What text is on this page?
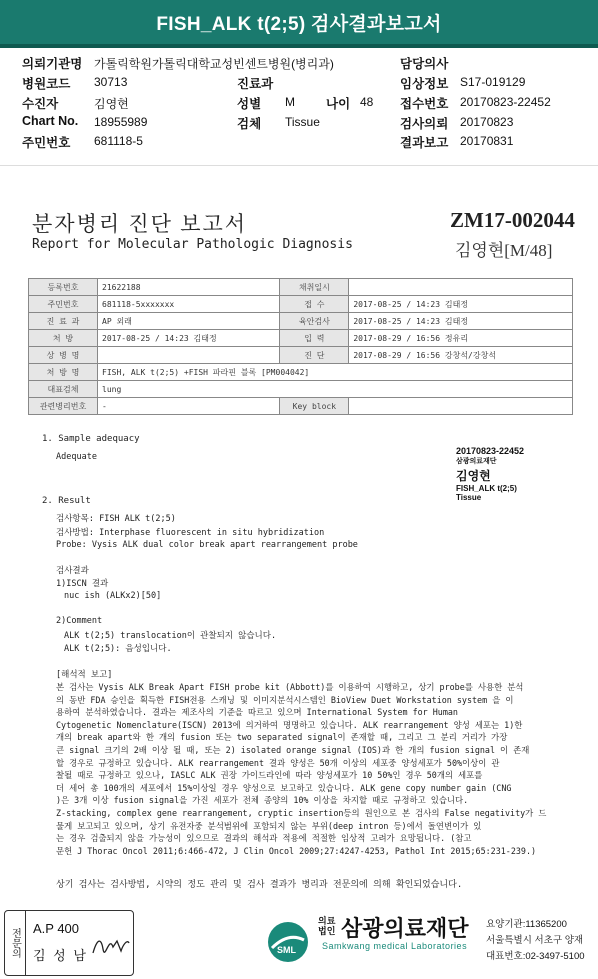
FISH_ALK t(2;5) 검사결과보고서
의뢰기관명 가톨릭학원가톨릭대학교성빈센트병원(병리과)	담당의사
병원코드 30713	진료과	임상정보 S17-019129
수진자	김영현	성별 M 나이 48 접수번호 20170823-22452
Chart No. 18955989	검체 Tissue	검사의뢰 20170823
주민번호 681118-5	결과보고 20170831
분자병리 진단 보고서
Report for Molecular Pathologic Diagnosis
ZM17-002044
김영현[M/48]
등록번호	21622188	채취일시	
주민번호	681118-5xxxxxxx	접 수	2017-08-25 / 14:23 김태정
진 료 과	AP 외래	육안검사	2017-08-25 / 14:23 김태정
처 방	2017-08-25 / 14:23 김태정	입 력	2017-08-29 / 16:56 정유리
상 병 명		진 단	2017-08-29 / 16:56 강창석/강창석
처 방 명	FISH, ALK t(2;5) +FISH 파라핀 블록 [PM004042]		
대표검체	lung		
관련병리번호	-	Key block	
1. Sample adequacy
Adequate
20170823-22452
삼광의료재단
김영현
FISH_ALK t(2;5)
Tissue
2. Result
검사항목: FISH ALK t(2;5)
검사방법: Interphase fluorescent in situ hybridization
Probe: Vysis ALK dual color break apart rearrangement probe
검사결과
1)ISCN 결과
nuc ish (ALKx2)[50]
2)Comment
ALK t(2;5) translocation이 관찰되지 않습니다.
ALK t(2;5): 음성입니다.
[해석적 보고]
본 검사는 Vysis ALK Break Apart FISH probe kit (Abbott)를 이용하여 시행하고, 상기 probe를 사용한 분석
의 동반 FDA 승인을 획득한 FISH전용 스캐닝 및 이미지분석시스템인 BioView Duet Workstation system 을 이
용하여 분석하였습니다. 결과는 제조사의 기준을 따르고 있으며 International System for Human
Cytogenetic Nomenclature(ISCN) 2013에 의거하여 명명하고 있습니다. ALK rearrangement 양성 세포는 1)한
개의 break apart와 한 개의 fusion 또는 two separated signal이 존재할 때, 그리고 그 분리 거리가 가장
큰 signal 크기의 2배 이상 될 때, 또는 2) isolated orange signal (IOS)과 한 개의 fusion signal 이 존재
할 경우로 규정하고 있습니다. ALK rearrangement 결과 양성은 50개 이상의 세포중 양성세포가 50%이상이 관
찰될 때로 규정하고 있으나, IASLC ALK 권장 가이드라인에 따라 양성세포가 10 50%인 경우 50개의 세포를
더 세어 총 100개의 세포에서 15%이상일 경우 양성으로 보고하고 있습니다. ALK gene copy number gain (CNG
)은 3개 이상 fusion signal을 가진 세포가 전체 종양의 10% 이상을 차지할 때로 규정하고 있습니다.
Z-stacking, complex gene rearrangement, cryptic insertion등의 원인으로 본 검사의 False negativity가 드
물게 보고되고 있으며, 상기 유전자중 분석범위에 포함되지 않는 부위(deep intron 등)에서 돌연변이가 있
는 경우 검출되지 않을 가능성이 있으므로 결과의 해석과 적용에 적절한 임상적 고려가 요망됩니다. (참고
문헌 J Thorac Oncol 2011;6:466-472, J Clin Oncol 2009;27:4247-4253, Pathol Int 2015;65:231-239.)
상기 검사는 검사방법, 시약의 정도 관리 및 검사 결과가 병리과 전문의에 의해 확인되었습니다.
전문의 A.P 400
김 성 남	SML
의료
법인 삼광의료재단
Samkwang medical Laboratories
요양기관:11365200
서울특별시 서초구 양재
대표번호:02-3497-5100
